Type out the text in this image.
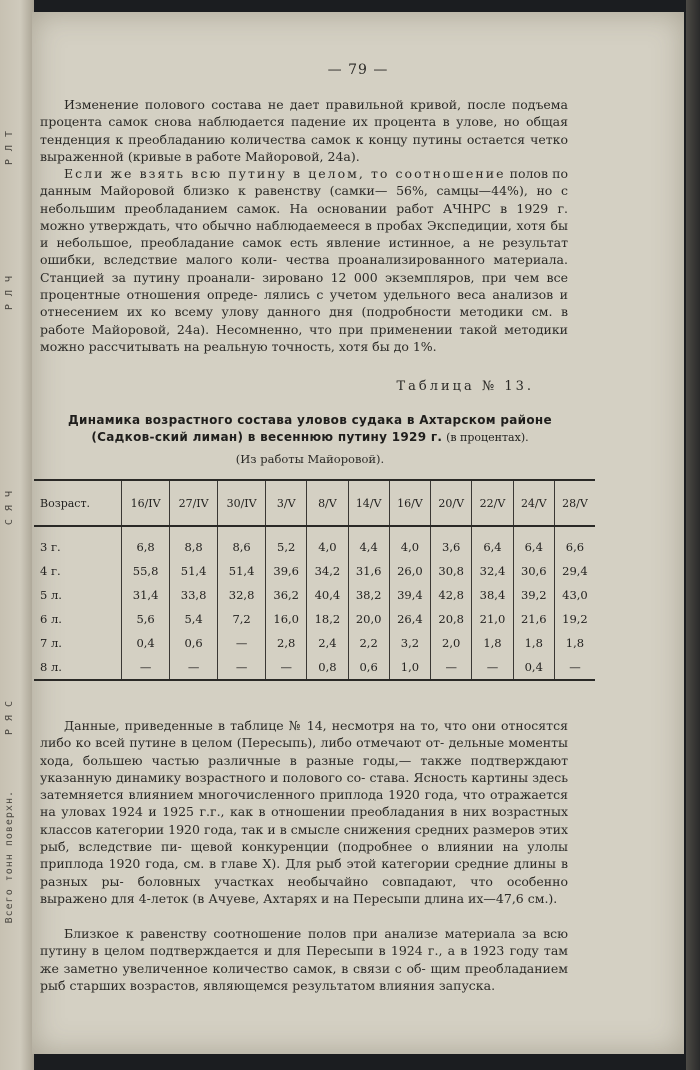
Р Л Т
Р Л Ч
С Я Ч
Р Я С
Всего тонн поверхн.
— 79 —

Изменение полового состава не дает правильной кривой, после подъема процента самок снова наблюдается падение их процента в улове, но общая тенденция к преобладанию количества самок к концу путины остается четко выраженной (кривые в работе Майоровой, 24а).

Если же взять всю путину в целом, то соотношение полов по данным Майоровой близко к равенству (самки— 56%, самцы—44%), но с небольшим преобладанием самок. На основании работ АЧНРС в 1929 г. можно утверждать, что обычно наблюдаемееся в пробах Экспедиции, хотя бы и небольшое, преобладание самок есть явление истинное, а не результат ошибки, вследствие малого коли- чества проанализированного материала. Станцией за путину проанали- зировано 12 000 экземпляров, при чем все процентные отношения опреде- лялись с учетом удельного веса анализов и отнесением их ко всему улову данного дня (подробности методики см. в работе Майоровой, 24а). Несомненно, что при применении такой методики можно рассчитывать на реальную точность, хотя бы до 1%.

Таблица № 13.
Динамика возрастного состава уловов судака в Ахтарском районе (Садков-ский лиман) в весеннюю путину 1929 г. (в процентах).
(Из работы Майоровой).
Возраст.	16/IV	27/IV	30/IV	3/V	8/V	14/V	16/V	20/V	22/V	24/V	28/V
3 г.	6,8	8,8	8,6	5,2	4,0	4,4	4,0	3,6	6,4	6,4	6,6
4 г.	55,8	51,4	51,4	39,6	34,2	31,6	26,0	30,8	32,4	30,6	29,4
5 л.	31,4	33,8	32,8	36,2	40,4	38,2	39,4	42,8	38,4	39,2	43,0
6 л.	5,6	5,4	7,2	16,0	18,2	20,0	26,4	20,8	21,0	21,6	19,2
7 л.	0,4	0,6	—	2,8	2,4	2,2	3,2	2,0	1,8	1,8	1,8
8 л.	—	—	—	—	0,8	0,6	1,0	—	—	0,4	—

Данные, приведенные в таблице № 14, несмотря на то, что они относятся либо ко всей путине в целом (Пересыпь), либо отмечают от- дельные моменты хода, большею частью различные в разные годы,— также подтверждают указанную динамику возрастного и полового со- става. Ясность картины здесь затемняется влиянием многочисленного приплода 1920 года, что отражается на уловах 1924 и 1925 г.г., как в отношении преобладания в них возрастных классов категории 1920 года, так и в смысле снижения средних размеров этих рыб, вследствие пи- щевой конкуренции (подробнее о влиянии на улолы приплода 1920 года, см. в главе X). Для рыб этой категории средние длины в разных ры- боловных участках необычайно совпадают, что особенно выражено для 4-леток (в Ачуеве, Ахтарях и на Пересыпи длина их—47,6 см.).

Близкое к равенству соотношение полов при анализе материала за всю путину в целом подтверждается и для Пересыпи в 1924 г., а в 1923 году там же заметно увеличенное количество самок, в связи с об- щим преобладанием рыб старших возрастов, являющемся результатом влияния запуска.
